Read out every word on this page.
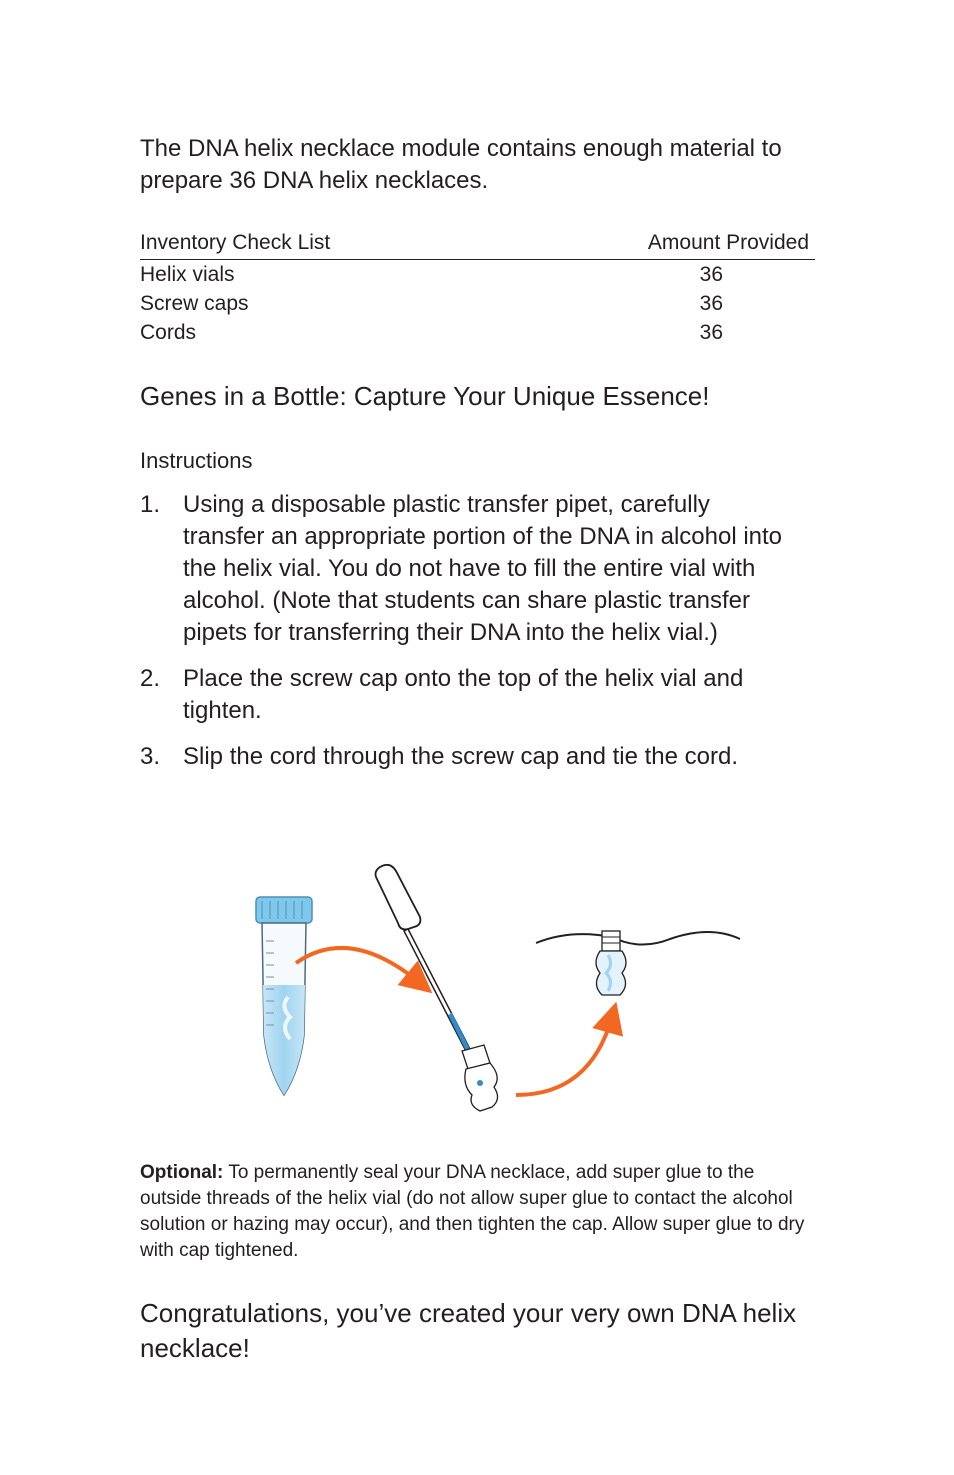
The DNA helix necklace module contains enough material to prepare 36 DNA helix necklaces.

Inventory Check List	Amount Provided
Helix vials	36
Screw caps	36
Cords	36
Genes in a Bottle: Capture Your Unique Essence!
Instructions
1. Using a disposable plastic transfer pipet, carefully transfer an appropriate portion of the DNA in alcohol into the helix vial. You do not have to fill the entire vial with alcohol. (Note that students can share plastic transfer pipets for transferring their DNA into the helix vial.)
2. Place the screw cap onto the top of the helix vial and tighten.
3. Slip the cord through the screw cap and tie the cord.

Optional: To permanently seal your DNA necklace, add super glue to the outside threads of the helix vial (do not allow super glue to contact the alcohol solution or hazing may occur), and then tighten the cap. Allow super glue to dry with cap tightened.

Congratulations, you’ve created your very own DNA helix necklace!
